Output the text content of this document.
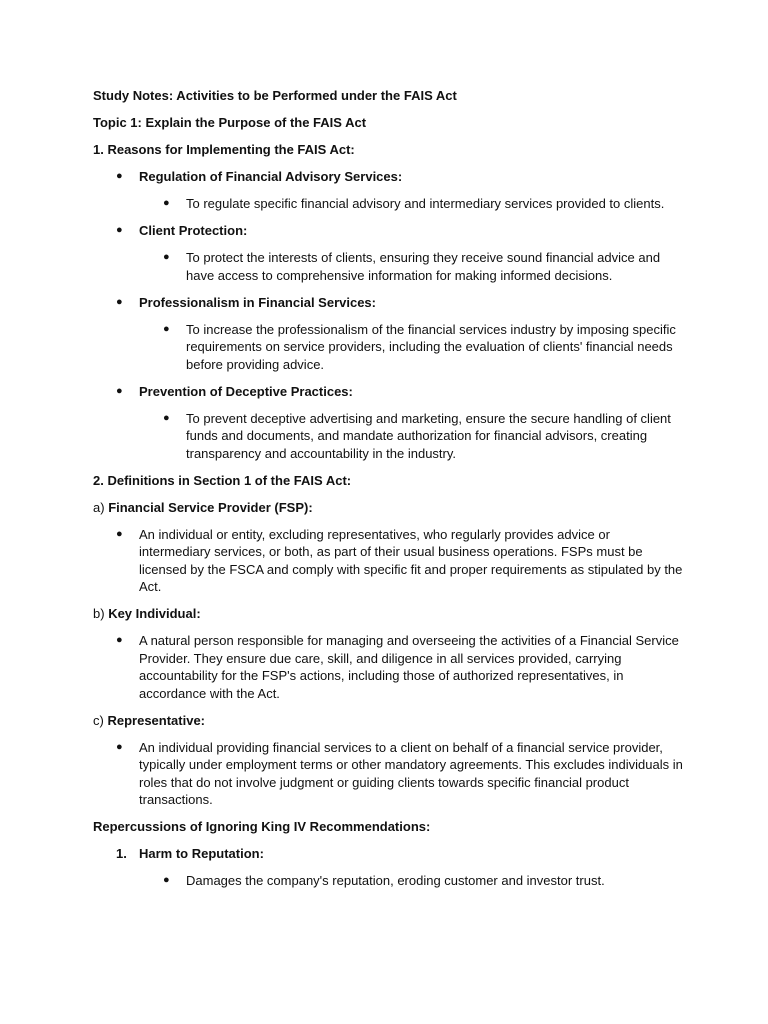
Study Notes: Activities to be Performed under the FAIS Act

Topic 1: Explain the Purpose of the FAIS Act

1. Reasons for Implementing the FAIS Act:

● Regulation of Financial Advisory Services:

● To regulate specific financial advisory and intermediary services provided to clients.

● Client Protection:

● To protect the interests of clients, ensuring they receive sound financial advice and have access to comprehensive information for making informed decisions.

● Professionalism in Financial Services:

● To increase the professionalism of the financial services industry by imposing specific requirements on service providers, including the evaluation of clients' financial needs before providing advice.

● Prevention of Deceptive Practices:

● To prevent deceptive advertising and marketing, ensure the secure handling of client funds and documents, and mandate authorization for financial advisors, creating transparency and accountability in the industry.

2. Definitions in Section 1 of the FAIS Act:

a) Financial Service Provider (FSP):

● An individual or entity, excluding representatives, who regularly provides advice or intermediary services, or both, as part of their usual business operations. FSPs must be licensed by the FSCA and comply with specific fit and proper requirements as stipulated by the Act.

b) Key Individual:

● A natural person responsible for managing and overseeing the activities of a Financial Service Provider. They ensure due care, skill, and diligence in all services provided, carrying accountability for the FSP's actions, including those of authorized representatives, in accordance with the Act.

c) Representative:

● An individual providing financial services to a client on behalf of a financial service provider, typically under employment terms or other mandatory agreements. This excludes individuals in roles that do not involve judgment or guiding clients towards specific financial product transactions.

Repercussions of Ignoring King IV Recommendations:

1. Harm to Reputation:

● Damages the company's reputation, eroding customer and investor trust.
